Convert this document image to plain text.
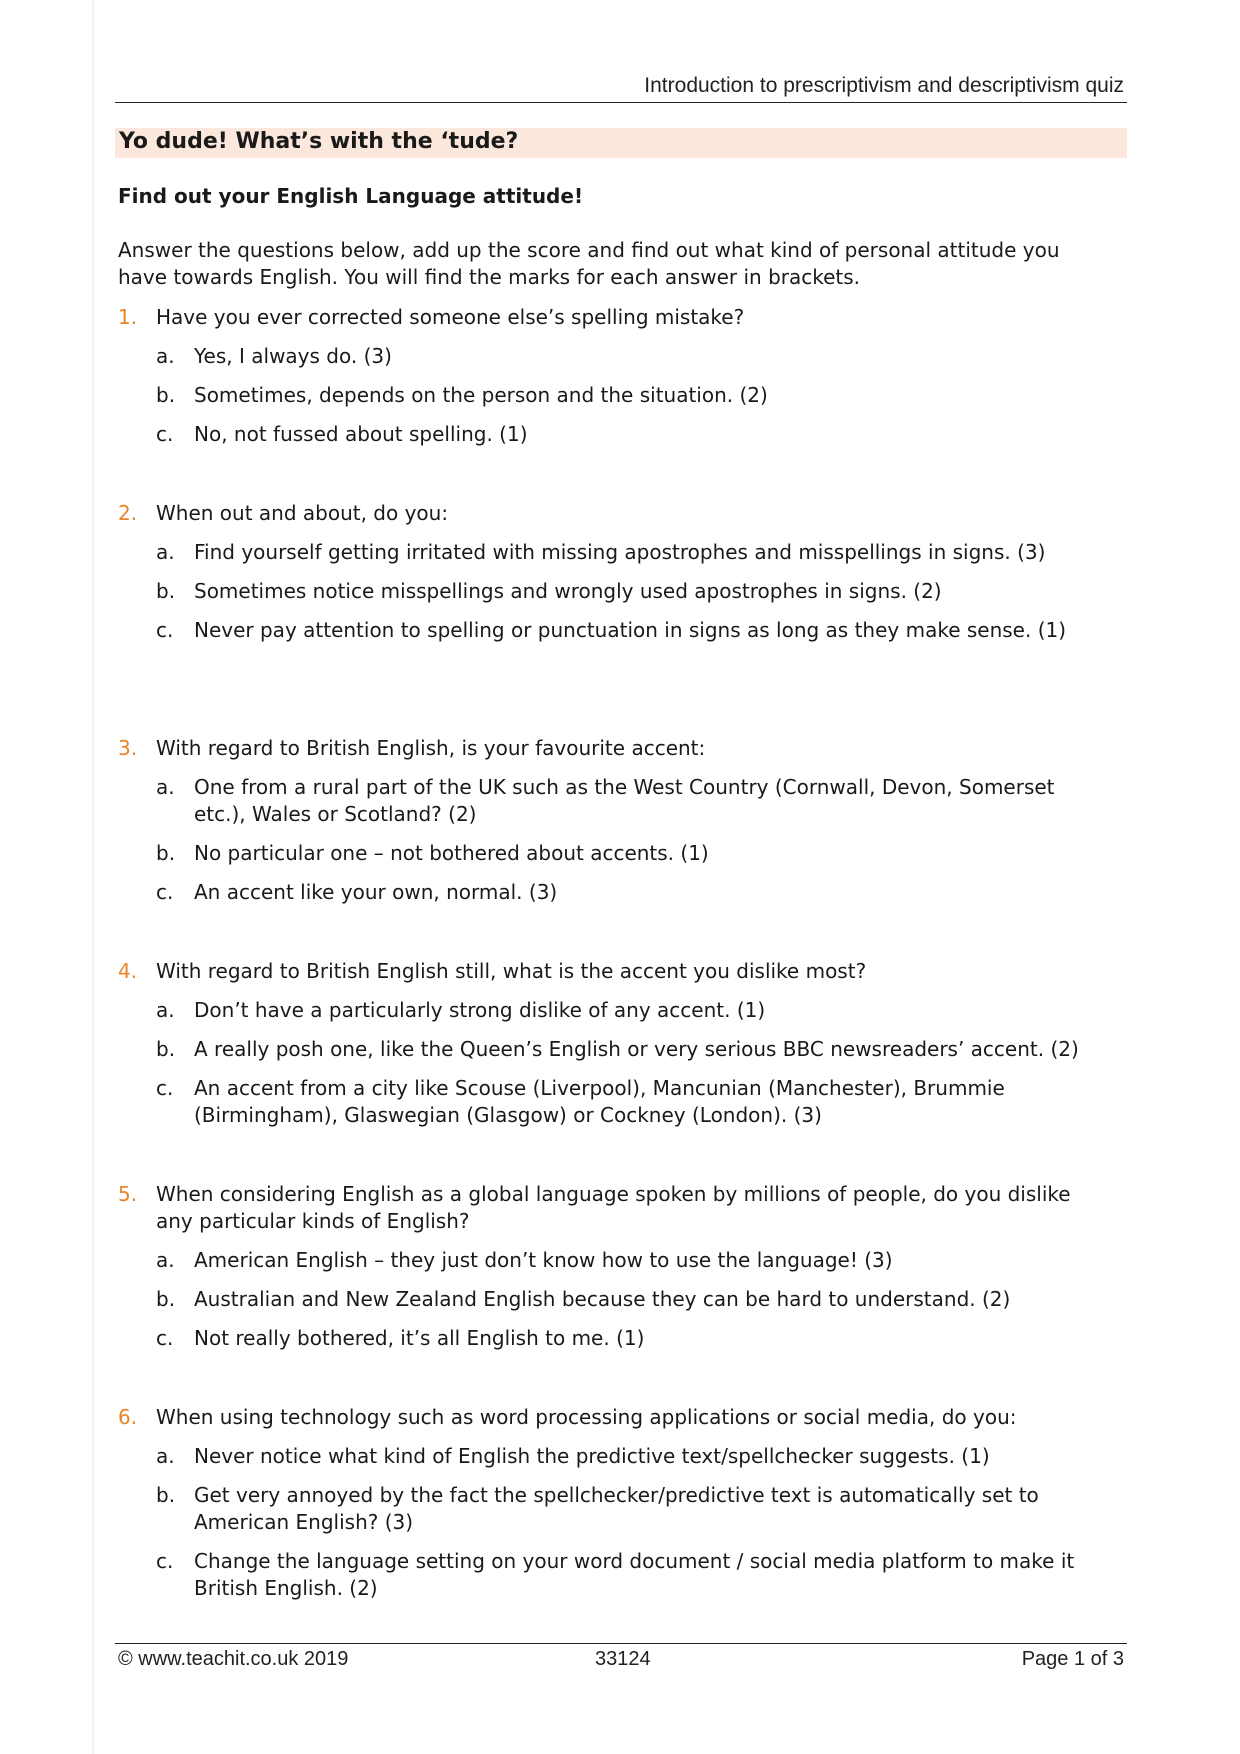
Introduction to prescriptivism and descriptivism quiz
Yo dude! What’s with the ‘tude?
Find out your English Language attitude!
Answer the questions below, add up the score and find out what kind of personal attitude you
have towards English. You will find the marks for each answer in brackets.
1. Have you ever corrected someone else’s spelling mistake?
a. Yes, I always do. (3)
b. Sometimes, depends on the person and the situation. (2)
c. No, not fussed about spelling. (1)
2. When out and about, do you:
a. Find yourself getting irritated with missing apostrophes and misspellings in signs. (3)
b. Sometimes notice misspellings and wrongly used apostrophes in signs. (2)
c. Never pay attention to spelling or punctuation in signs as long as they make sense. (1)
3. With regard to British English, is your favourite accent:
a. One from a rural part of the UK such as the West Country (Cornwall, Devon, Somerset
etc.), Wales or Scotland? (2)
b. No particular one – not bothered about accents. (1)
c. An accent like your own, normal. (3)
4. With regard to British English still, what is the accent you dislike most?
a. Don’t have a particularly strong dislike of any accent. (1)
b. A really posh one, like the Queen’s English or very serious BBC newsreaders’ accent. (2)
c. An accent from a city like Scouse (Liverpool), Mancunian (Manchester), Brummie
(Birmingham), Glaswegian (Glasgow) or Cockney (London). (3)
5. When considering English as a global language spoken by millions of people, do you dislike
any particular kinds of English?
a. American English – they just don’t know how to use the language! (3)
b. Australian and New Zealand English because they can be hard to understand. (2)
c. Not really bothered, it’s all English to me. (1)
6. When using technology such as word processing applications or social media, do you:
a. Never notice what kind of English the predictive text/spellchecker suggests. (1)
b. Get very annoyed by the fact the spellchecker/predictive text is automatically set to
American English? (3)
c. Change the language setting on your word document / social media platform to make it
British English. (2)
© www.teachit.co.uk 2019	33124	Page 1 of 3
